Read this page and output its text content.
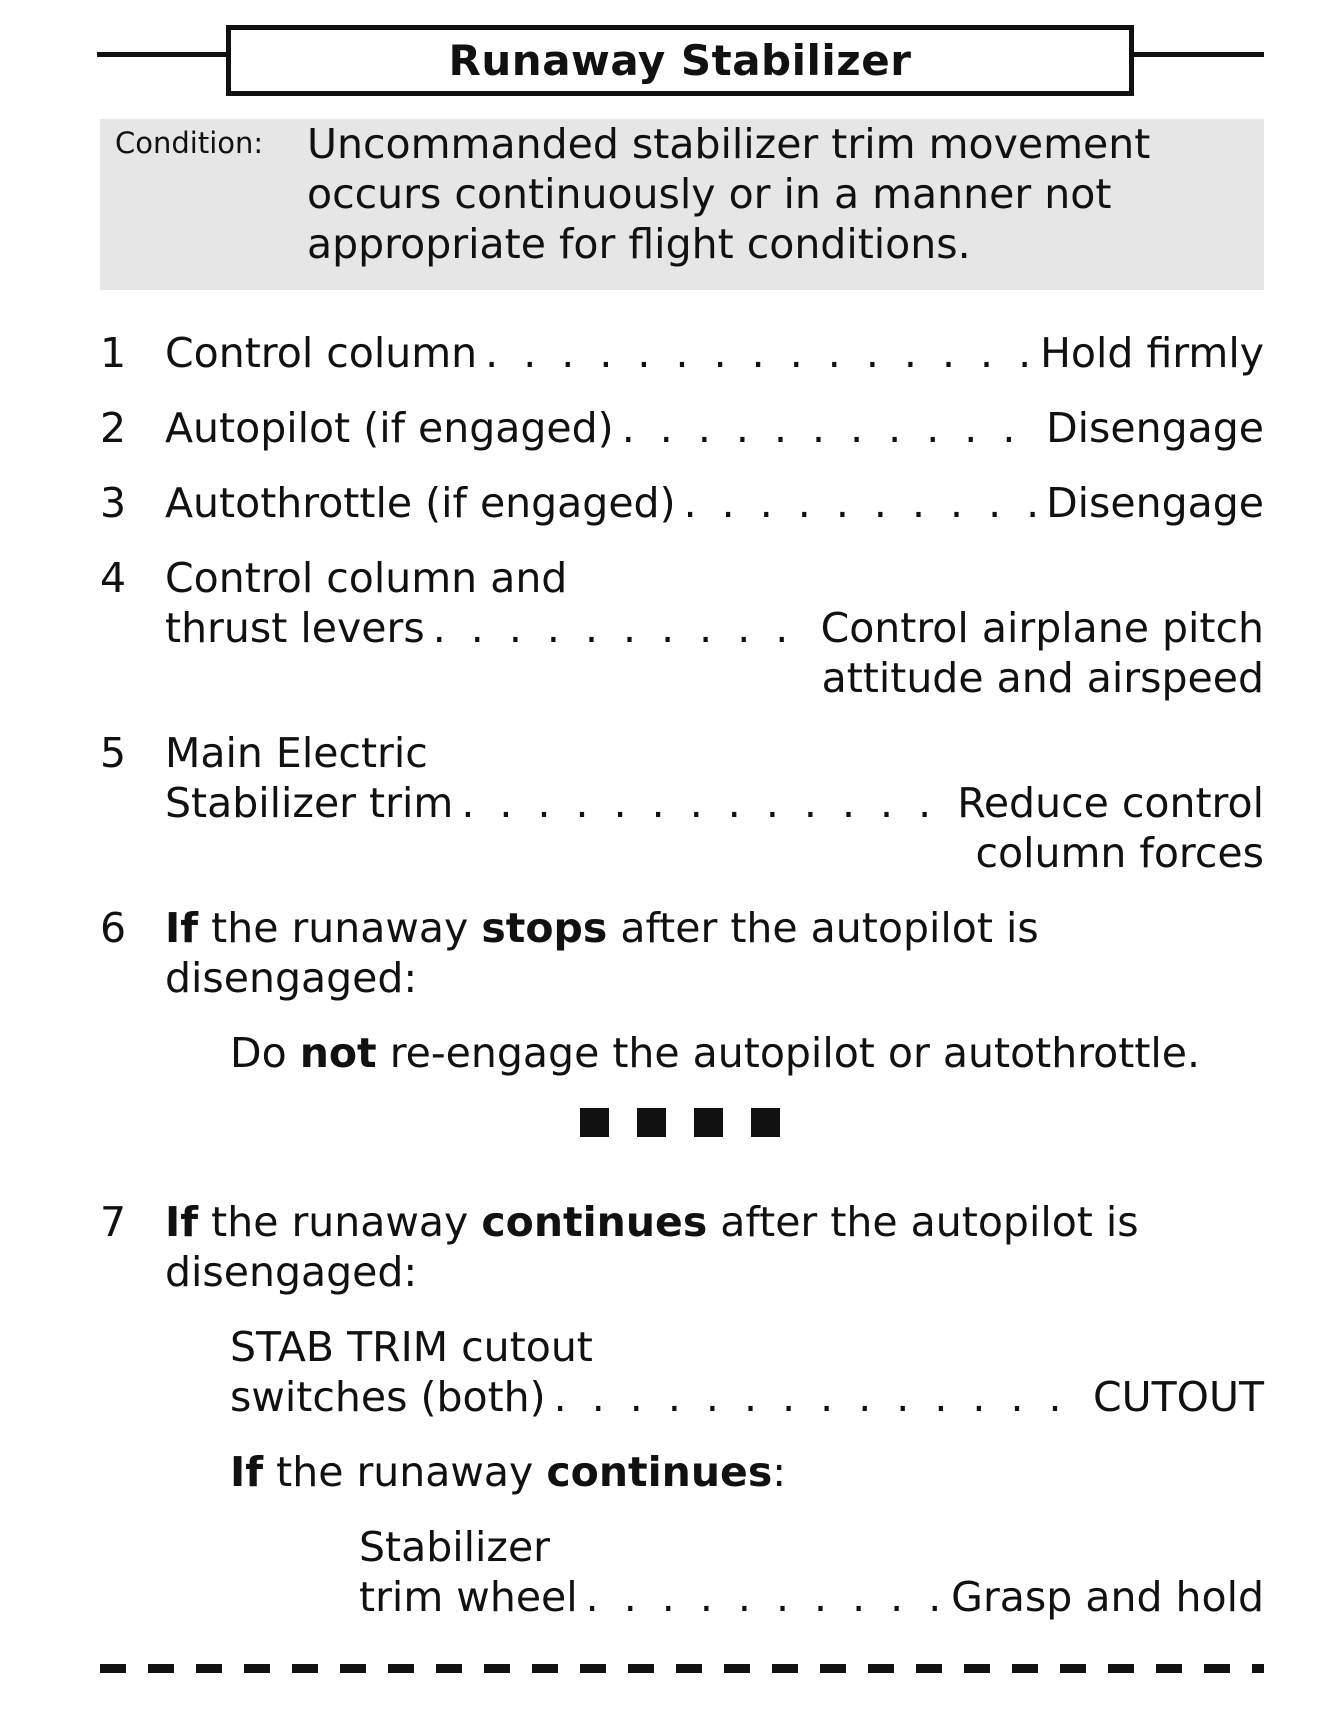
Runaway Stabilizer
Condition: Uncommanded stabilizer trim movement
occurs continuously or in a manner not
appropriate for flight conditions.
1 Control column . . .	Hold firmly
2 Autopilot (if engaged) . . .	Disengage
3 Autothrottle (if engaged) . . .	Disengage
4 Control column and
thrust levers . . .	Control airplane pitch
attitude and airspeed
5 Main Electric
Stabilizer trim . . .	Reduce control
column forces
6 If the runaway stops after the autopilot is
disengaged:
Do not re-engage the autopilot or autothrottle.
7 If the runaway continues after the autopilot is
disengaged:
STAB TRIM cutout
switches (both) . . .	CUTOUT
If the runaway continues:
Stabilizer
trim wheel . . .	Grasp and hold
